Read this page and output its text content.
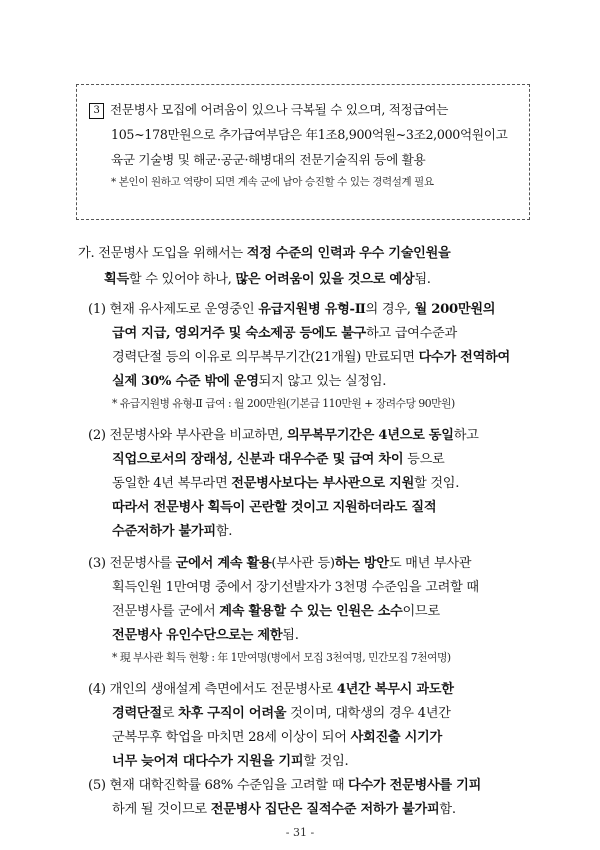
3 전문병사 모집에 어려움이 있으나 극복될 수 있으며, 적정급여는
105~178만원으로 추가급여부담은 年1조8,900억원~3조2,000억원이고
육군 기술병 및 해군·공군·해병대의 전문기술직위 등에 활용
* 본인이 원하고 역량이 되면 계속 군에 남아 승진할 수 있는 경력설계 필요
가. 전문병사 도입을 위해서는 적정 수준의 인력과 우수 기술인원을
획득할 수 있어야 하나, 많은 어려움이 있을 것으로 예상됨.
(1) 현재 유사제도로 운영중인 유급지원병 유형-Ⅱ의 경우, 월 200만원의
급여 지급, 영외거주 및 숙소제공 등에도 불구하고 급여수준과
경력단절 등의 이유로 의무복무기간(21개월) 만료되면 다수가 전역하여
실제 30% 수준 밖에 운영되지 않고 있는 실정임.
* 유급지원병 유형-Ⅱ 급여 : 월 200만원(기본급 110만원 + 장려수당 90만원)
(2) 전문병사와 부사관을 비교하면, 의무복무기간은 4년으로 동일하고
직업으로서의 장래성, 신분과 대우수준 및 급여 차이 등으로
동일한 4년 복무라면 전문병사보다는 부사관으로 지원할 것임.
따라서 전문병사 획득이 곤란할 것이고 지원하더라도 질적
수준저하가 불가피함.
(3) 전문병사를 군에서 계속 활용(부사관 등)하는 방안도 매년 부사관
획득인원 1만여명 중에서 장기선발자가 3천명 수준임을 고려할 때
전문병사를 군에서 계속 활용할 수 있는 인원은 소수이므로
전문병사 유인수단으로는 제한됨.
* 現 부사관 획득 현황 : 年 1만여명(병에서 모집 3천여명, 민간모집 7천여명)
(4) 개인의 생애설계 측면에서도 전문병사로 4년간 복무시 과도한
경력단절로 차후 구직이 어려울 것이며, 대학생의 경우 4년간
군복무후 학업을 마치면 28세 이상이 되어 사회진출 시기가
너무 늦어져 대다수가 지원을 기피할 것임.
(5) 현재 대학진학률 68% 수준임을 고려할 때 다수가 전문병사를 기피
하게 될 것이므로 전문병사 집단은 질적수준 저하가 불가피함.
- 31 -
